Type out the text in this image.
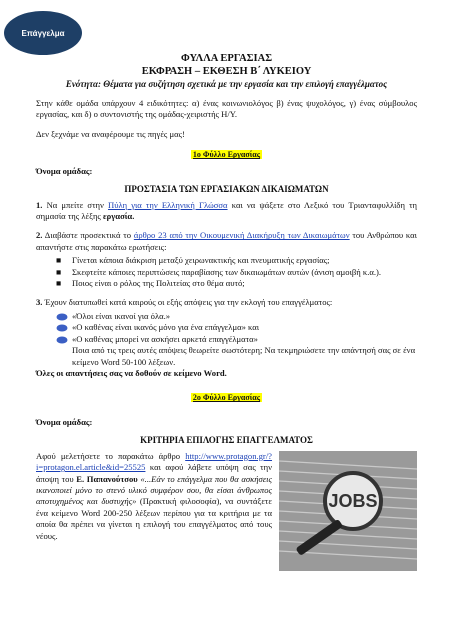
Επάγγελμα
ΦΥΛΛΑ ΕΡΓΑΣΙΑΣ
ΕΚΦΡΑΣΗ – ΕΚΘΕΣΗ Β΄ ΛΥΚΕΙΟΥ
Ενότητα: Θέματα για συζήτηση σχετικά με την εργασία και την επιλογή επαγγέλματος

Στην κάθε ομάδα υπάρχουν 4 ειδικότητες: α) ένας κοινωνιολόγος β) ένας ψυχολόγος, γ) ένας σύμβουλος εργασίας, και δ) ο συντονιστής της ομάδας-χειριστής Η/Υ.

Δεν ξεχνάμε να αναφέρουμε τις πηγές μας!

1ο Φύλλο Εργασίας

Όνομα ομάδας:

ΠΡΟΣΤΑΣΙΑ ΤΩΝ ΕΡΓΑΣΙΑΚΩΝ ΔΙΚΑΙΩΜΑΤΩΝ

1. Να μπείτε στην Πύλη για την Ελληνική Γλώσσα και να ψάξετε στο Λεξικό του Τριανταφυλλίδη τη σημασία της λέξης εργασία.

2. Διαβάστε προσεκτικά το άρθρο 23 από την Οικουμενική Διακήρυξη των Δικαιωμάτων του Ανθρώπου και απαντήστε στις παρακάτω ερωτήσεις:

■ Γίνεται κάποια διάκριση μεταξύ χειρωνακτικής και πνευματικής εργασίας;
■ Σκεφτείτε κάποιες περιπτώσεις παραβίασης των δικαιωμάτων αυτών (άνιση αμοιβή κ.α.).
■ Ποιος είναι ο ρόλος της Πολιτείας στο θέμα αυτό;

3. Έχουν διατυπωθεί κατά καιρούς οι εξής απόψεις για την εκλογή του επαγγέλματος:

«Όλοι είναι ικανοί για όλα.»
«Ο καθένας είναι ικανός μόνο για ένα επάγγελμα» και
«Ο καθένας μπορεί να ασκήσει αρκετά επαγγέλματα»

Ποια από τις τρεις αυτές απόψεις θεωρείτε σωστότερη; Να τεκμηριώσετε την απάντησή σας σε ένα κείμενο Word 50-100 λέξεων.

Όλες οι απαντήσεις σας να δοθούν σε κείμενο Word.

2ο Φύλλο Εργασίας

Όνομα ομάδας:

ΚΡΙΤΗΡΙΑ ΕΠΙΛΟΓΗΣ ΕΠΑΓΓΕΛΜΑΤΟΣ

Αφού μελετήσετε το παρακάτω άρθρο http://www.protagon.gr/?i=protagon.el.article&id=25525 και αφού λάβετε υπόψη σας την άποψη του Ε. Παπανούτσου «...Εάν το επάγγελμα που θα ασκήσεις ικανοποιεί μόνο το στενό υλικό συμφέρον σου, θα είσαι άνθρωπος αποτυχημένος και δυστυχής» (Πρακτική φιλοσοφία), να συντάξετε ένα κείμενο Word 200-250 λέξεων περίπου για τα κριτήρια με τα οποία θα πρέπει να γίνεται η επιλογή του επαγγέλματος από τους νέους.

JOBS
